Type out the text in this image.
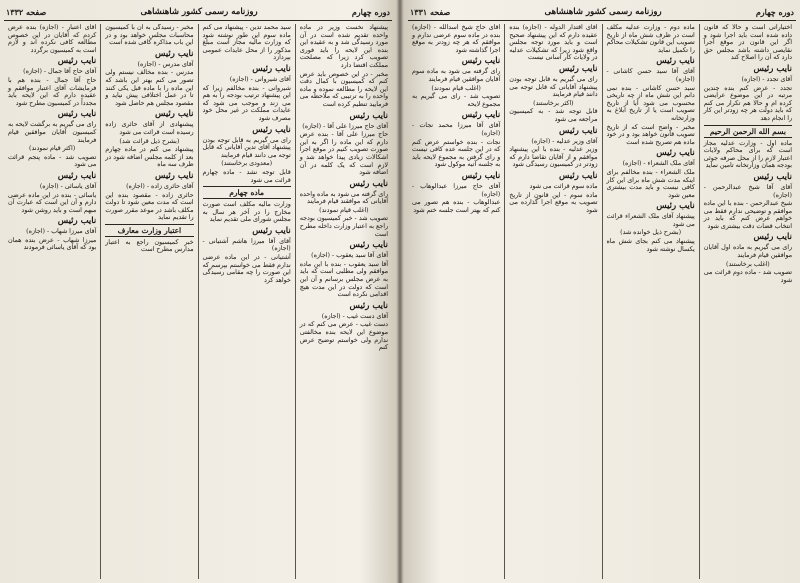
دوره چهارم
روزنامه رسمی کشور شاهنشاهی
صفحه ۱۳۳۲

پیشنهاد نخست وزیر در ماده واحده تقدیم شده است در آن مورد رسیدگی شد و به عقیده این بنده این لایحه را باید فوری تصویب کرد زیرا که مصلحت مملکت اقتضا دارد

مخبر - در این خصوص باید عرض کنم که کمیسیون با کمال دقت این لایحه را مطالعه نموده و ماده واحده را به ترتیبی که ملاحظه می فرمایید تنظیم کرده است

نایب رئیس

آقای حاج میرزا علی آقا - (اجازه)

حاج میرزا علی آقا - بنده عرض دارم که این ماده را اگر به این صورت تصویب کنیم در موقع اجرا اشکالات زیادی پیدا خواهد شد و لازم است که یک کلمه در آن اضافه شود

نایب رئیس

رای گرفته می شود به ماده واحده آقایانی که موافقند قیام فرمایند

(اغلب قیام نمودند)

تصویب شد - خبر کمیسیون بودجه راجع به اعتبار وزارت داخله مطرح است

نایب رئیس

آقای آقا سید یعقوب - (اجازه)

آقا سید یعقوب - بنده با این ماده موافقم ولی مطلبی است که باید به عرض مجلس برسانم و آن این است که دولت در این مدت هیچ اقدامی نکرده است

نایب رئیس

آقای دست غیب - (اجازه)

دست غیب - عرض می کنم که در موضوع این لایحه بنده مخالفتی ندارم ولی خواستم توضیح عرض کنم

سید محمد تدین - پیشنهاد می کنم ماده سوم این طور نوشته شود که وزارت مالیه مجاز است مبلغ مذکور را از محل عایدات عمومی بپردازد

نایب رئیس

آقای شیروانی - (اجازه)

شیروانی - بنده مخالفم زیرا که این پیشنهاد ترتیب بودجه را به هم می زند و موجب می شود که عایدات مملکت در غیر محل خود مصرف شود

نایب رئیس

رای می گیریم به قابل توجه بودن پیشنهاد آقای تدین آقایانی که قابل توجه می دانند قیام فرمایند

(معدودی برخاستند)

قابل توجه نشد - ماده چهارم قرائت می شود

ماده چهارم

وزارت مالیه مکلف است صورت مخارج را در آخر هر سال به مجلس شورای ملی تقدیم نماید

نایب رئیس

آقای آقا میرزا هاشم آشتیانی - (اجازه)

آشتیانی - در این ماده عرضی ندارم فقط می خواستم بپرسم که این صورت را چه مقامی رسیدگی خواهد کرد

مخبر - رسیدگی به آن با کمیسیون محاسبات مجلس خواهد بود و در این باب مذاکره کافی شده است

نایب رئیس

آقای مدرس - (اجازه)

مدرس - بنده مخالف نیستم ولی تصور می کنم بهتر این باشد که این ماده را با ماده قبل یکی کنند تا در عمل اختلافی پیش نیاید و مقصود مجلس هم حاصل شود

نایب رئیس

پیشنهادی از آقای حائری زاده رسیده است قرائت می شود

(بشرح ذیل قرائت شد)

پیشنهاد می کنم در ماده چهارم بعد از کلمه مجلس اضافه شود در ظرف سه ماه

نایب رئیس

آقای حائری زاده - (اجازه)

حائری زاده - مقصود بنده این است که مدت معین شود تا دولت مکلف باشد در موعد مقرر صورت را تقدیم نماید

اعتبار وزارت معارف

خبر کمیسیون راجع به اعتبار مدارس مطرح است

آقای اعتبار - (اجازه) بنده عرض کردم که آقایان در این خصوص مطالعه کافی نکرده اند و لازم است به کمیسیون برگردد

نایب رئیس

آقای حاج آقا جمال - (اجازه)

حاج آقا جمال - بنده هم با فرمایشات آقای اعتبار موافقم و عقیده دارم که این لایحه باید مجدداً در کمیسیون مطرح شود

نایب رئیس

رای می گیریم به برگشت لایحه به کمیسیون آقایان موافقین قیام فرمایند

(اکثر قیام نمودند)

تصویب شد - ماده پنجم قرائت می شود

نایب رئیس

آقای یاسائی - (اجازه)

یاسائی - بنده در این ماده عرضی دارم و آن این است که عبارت آن مبهم است و باید روشن شود

نایب رئیس

آقای میرزا شهاب - (اجازه)

میرزا شهاب - عرض بنده همان بود که آقای یاسائی فرمودند

دوره چهارم
روزنامه رسمی کشور شاهنشاهی
صفحه ۱۳۳۱

اختیاراتی است و حالا که قانون داده شده است باید اجرا شود و اگر این قانون در موقع اجرا نقایصی داشته باشد مجلس حق دارد که آن را اصلاح کند

نایب رئیس

آقای تجدد - (اجازه)

تجدد - عرض کنم بنده چندین مرتبه در این موضوع عرایضی کرده ام و حالا هم تکرار می کنم که باید دولت هر چه زودتر این کار را انجام دهد

بسم الله الرحمن الرحیم

ماده اول - وزارت عدلیه مجاز است که برای محاکم ولایات اعتبار لازم را از محل صرفه جوئی بودجه همان وزارتخانه تامین نماید

نایب رئیس

آقای آقا شیخ عبدالرحمن - (اجازه)

شیخ عبدالرحمن - بنده با این ماده موافقم و توضیحی ندارم فقط می خواهم عرض کنم که باید در انتخاب قضات دقت بیشتری شود

نایب رئیس

رای می گیریم به ماده اول آقایان موافقین قیام فرمایند

(اغلب برخاستند)

تصویب شد - ماده دوم قرائت می شود

ماده دوم - وزارت عدلیه مکلف است در ظرف شش ماه از تاریخ تصویب این قانون تشکیلات محاکم را تکمیل نماید

نایب رئیس

آقای آقا سید حسن کاشانی - (اجازه)

سید حسن کاشانی - بنده نمی دانم این شش ماه از چه تاریخی محسوب می شود آیا از تاریخ تصویب است یا از تاریخ ابلاغ به وزارتخانه

مخبر - واضح است که از تاریخ تصویب قانون خواهد بود و در خود ماده هم تصریح شده است

نایب رئیس

آقای ملک الشعراء - (اجازه)

ملک الشعراء - بنده مخالفم برای اینکه مدت شش ماه برای این کار کافی نیست و باید مدت بیشتری معین شود

نایب رئیس

پیشنهاد آقای ملک الشعراء قرائت می شود

(بشرح ذیل خوانده شد)

پیشنهاد می کنم بجای شش ماه یکسال نوشته شود

آقای اقتدار الدوله - (اجازه) بنده عقیده دارم که این پیشنهاد صحیح است و باید مورد توجه مجلس واقع شود زیرا که تشکیلات عدلیه در ولایات کار آسانی نیست

نایب رئیس

رای می گیریم به قابل توجه بودن پیشنهاد آقایانی که قابل توجه می دانند قیام فرمایند

(اکثر برخاستند)

قابل توجه شد - به کمیسیون مراجعه می شود

نایب رئیس

آقای وزیر عدلیه - (اجازه)

وزیر عدلیه - بنده با این پیشنهاد موافقم و از آقایان تقاضا دارم که زودتر در کمیسیون رسیدگی شود

نایب رئیس

ماده سوم قرائت می شود

ماده سوم - این قانون از تاریخ تصویب به موقع اجرا گذارده می شود

آقای حاج شیخ اسدالله - (اجازه) بنده در ماده سوم عرضی ندارم و موافقم که هر چه زودتر به موقع اجرا گذاشته شود

نایب رئیس

رای گرفته می شود به ماده سوم آقایان موافقین قیام فرمایند

(اغلب قیام نمودند)

تصویب شد - رای می گیریم به مجموع لایحه

نایب رئیس

آقای آقا میرزا محمد نجات - (اجازه)

نجات - بنده خواستم عرض کنم که در این جلسه عده کافی نیست و رای گرفتن به مجموع لایحه باید به جلسه آتیه موکول شود

نایب رئیس

آقای حاج میرزا عبدالوهاب - (اجازه)

عبدالوهاب - بنده هم تصور می کنم که بهتر است جلسه ختم شود
